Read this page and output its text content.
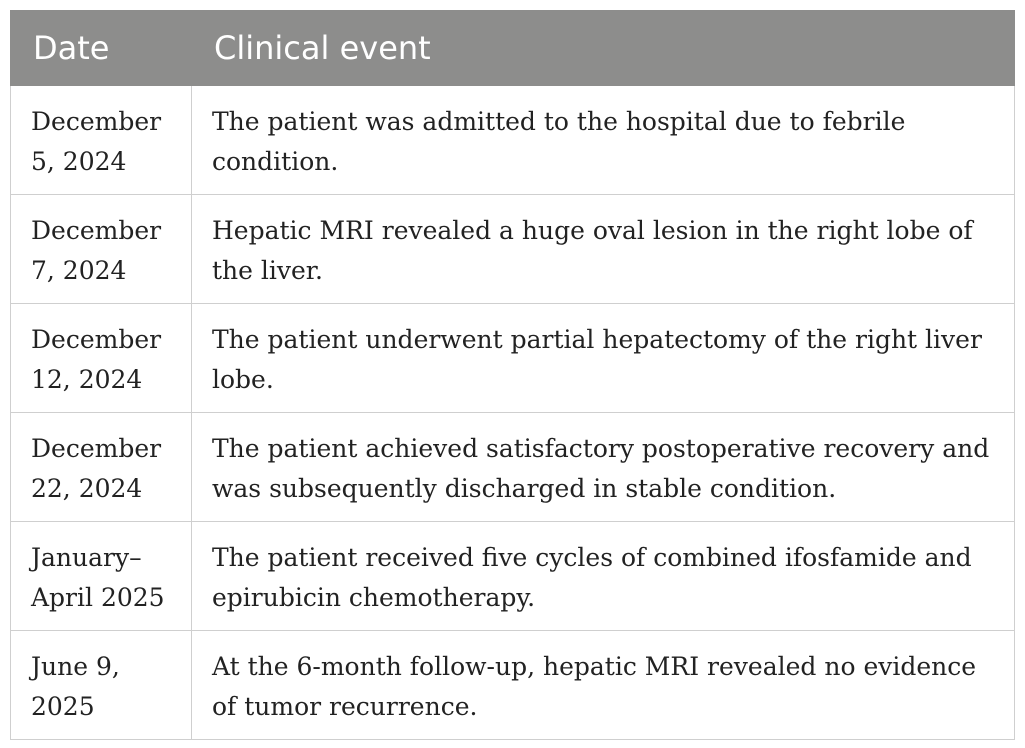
Date	Clinical event
December 5, 2024	The patient was admitted to the hospital due to febrile condition.
December 7, 2024	Hepatic MRI revealed a huge oval lesion in the right lobe of the liver.
December 12, 2024	The patient underwent partial hepatectomy of the right liver lobe.
December 22, 2024	The patient achieved satisfactory postoperative recovery and was subsequently discharged in stable condition.
January–April 2025	The patient received five cycles of combined ifosfamide and epirubicin chemotherapy.
June 9, 2025	At the 6-month follow-up, hepatic MRI revealed no evidence of tumor recurrence.
